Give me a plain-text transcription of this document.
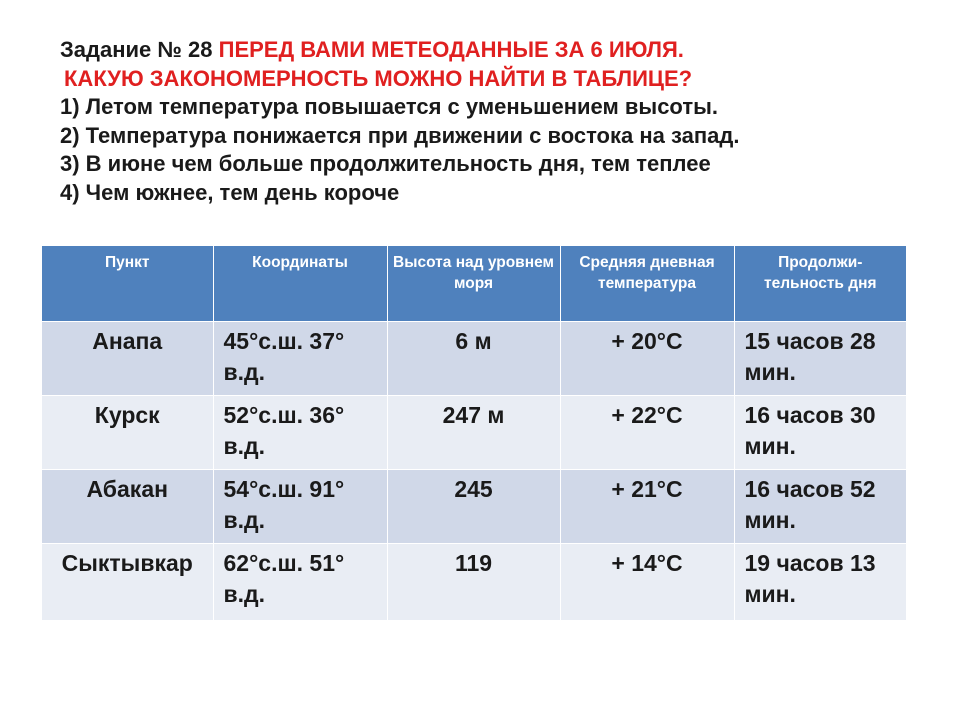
Задание № 28 ПЕРЕД ВАМИ МЕТЕОДАННЫЕ ЗА 6 ИЮЛЯ.
КАКУЮ ЗАКОНОМЕРНОСТЬ МОЖНО НАЙТИ В ТАБЛИЦЕ?
1) Летом температура повышается с уменьшением высоты.
2) Температура понижается при движении с востока на запад.
3) В июне чем больше продолжительность дня, тем теплее
4) Чем южнее, тем день короче
Пункт	Координаты	Высота над уровнем моря	Средняя дневная температура	Продолжи-тельность дня
Анапа	45°с.ш. 37° в.д.	6 м	+ 20°С	15 часов 28 мин.
Курск	52°с.ш. 36° в.д.	247 м	+ 22°С	16 часов 30 мин.
Абакан	54°с.ш. 91° в.д.	245	+ 21°С	16 часов 52 мин.
Сыктывкар	62°с.ш. 51° в.д.	119	+ 14°С	19 часов 13 мин.
